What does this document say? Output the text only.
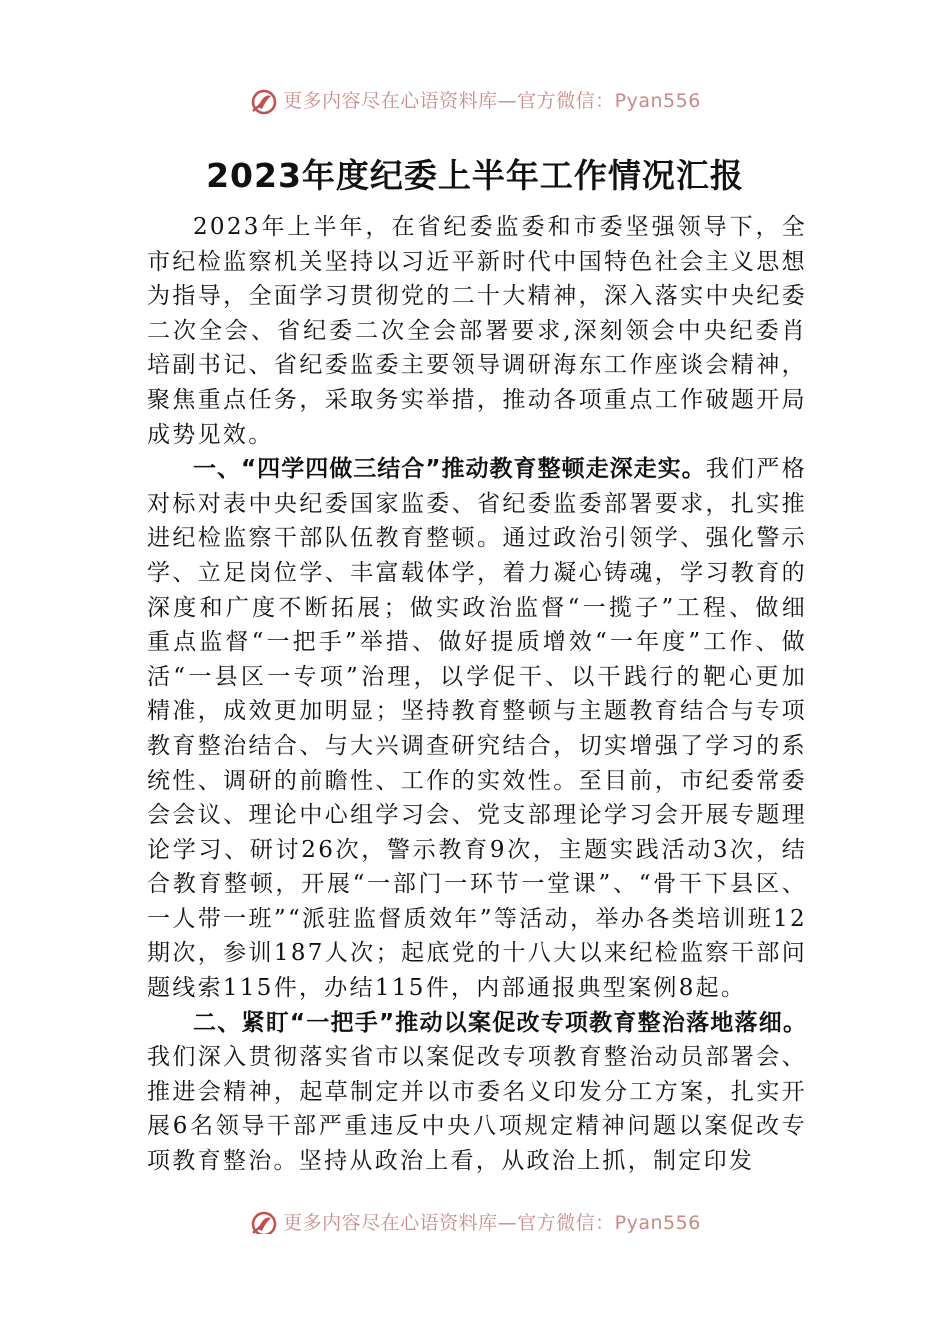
更多内容尽在心语资料库—官方微信：Pyan556
2023年度纪委上半年工作情况汇报

2023年上半年，在省纪委监委和市委坚强领导下，全市纪检监察机关坚持以习近平新时代中国特色社会主义思想为指导，全面学习贯彻党的二十大精神，深入落实中央纪委二次全会、省纪委二次全会部署要求,深刻领会中央纪委肖培副书记、省纪委监委主要领导调研海东工作座谈会精神，聚焦重点任务，采取务实举措，推动各项重点工作破题开局成势见效。

一、“四学四做三结合”推动教育整顿走深走实。我们严格对标对表中央纪委国家监委、省纪委监委部署要求，扎实推进纪检监察干部队伍教育整顿。通过政治引领学、强化警示学、立足岗位学、丰富载体学，着力凝心铸魂，学习教育的深度和广度不断拓展；做实政治监督“一揽子”工程、做细重点监督“一把手”举措、做好提质增效“一年度”工作、做活“一县区一专项”治理，以学促干、以干践行的靶心更加精准，成效更加明显；坚持教育整顿与主题教育结合与专项教育整治结合、与大兴调查研究结合，切实增强了学习的系统性、调研的前瞻性、工作的实效性。至目前，市纪委常委会会议、理论中心组学习会、党支部理论学习会开展专题理论学习、研讨26次，警示教育9次，主题实践活动3次，结合教育整顿，开展“一部门一环节一堂课”、“骨干下县区、一人带一班”“派驻监督质效年”等活动，举办各类培训班12期次，参训187人次；起底党的十八大以来纪检监察干部问题线索115件，办结115件，内部通报典型案例8起。

二、紧盯“一把手”推动以案促改专项教育整治落地落细。我们深入贯彻落实省市以案促改专项教育整治动员部署会、推进会精神，起草制定并以市委名义印发分工方案，扎实开展6名领导干部严重违反中央八项规定精神问题以案促改专项教育整治。坚持从政治上看，从政治上抓，制定印发

更多内容尽在心语资料库—官方微信：Pyan556
